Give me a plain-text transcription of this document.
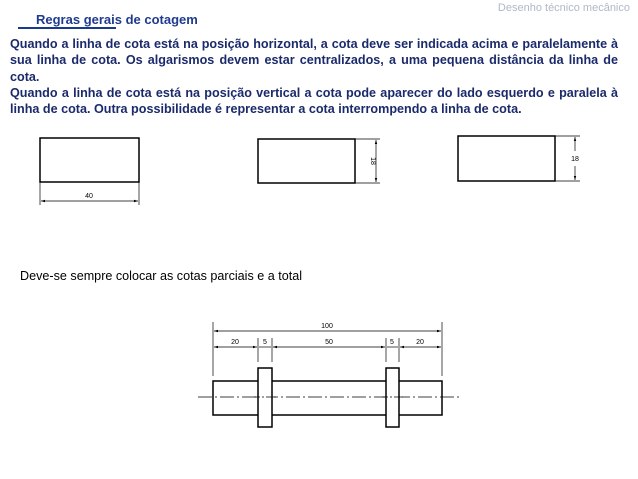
Desenho técnico mecânico
Regras gerais de cotagem

Quando a linha de cota está na posição horizontal, a cota deve ser indicada acima e paralelamente à sua linha de cota. Os algarismos devem estar centralizados, a uma pequena distância da linha de cota.

Quando a linha de cota está na posição vertical a cota pode aparecer do lado esquerdo e paralela à linha de cota. Outra possibilidade é representar a cota interrompendo a linha de cota.

40
18	18
100
20	5	50	5	20
Deve-se sempre colocar as cotas parciais e a total
